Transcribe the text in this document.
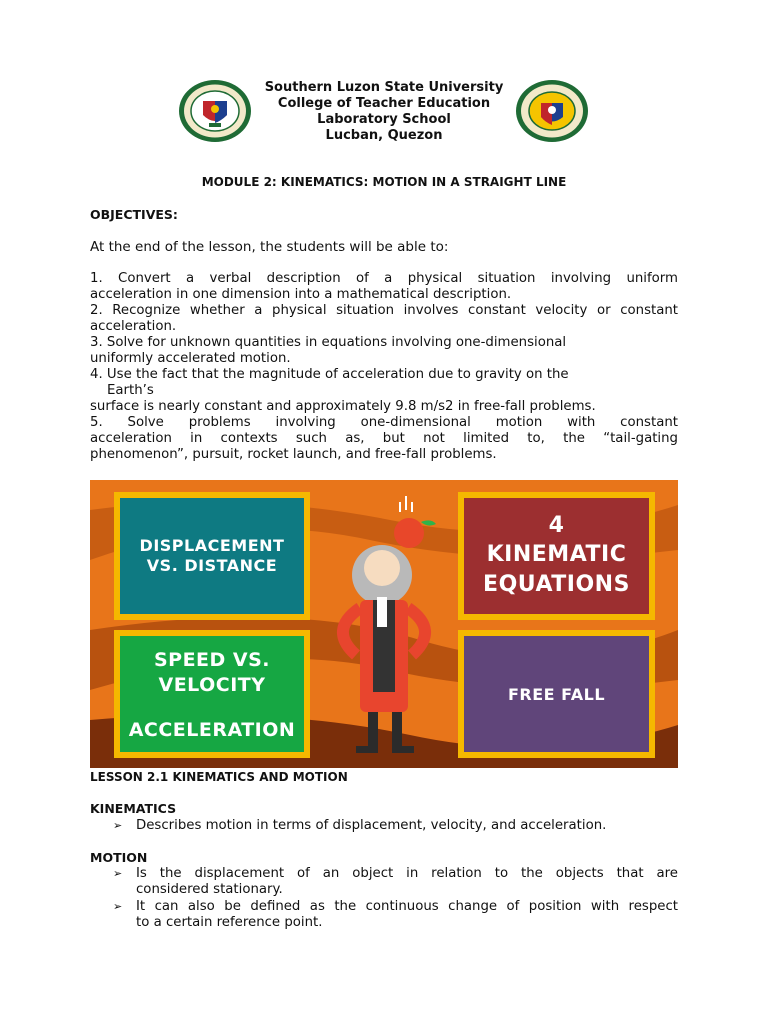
Southern Luzon State University
College of Teacher Education
Laboratory School
Lucban, Quezon
MODULE 2: KINEMATICS: MOTION IN A STRAIGHT LINE
OBJECTIVES:
At the end of the lesson, the students will be able to:
1. Convert a verbal description of a physical situation involving uniform
acceleration in one dimension into a mathematical description.
2. Recognize whether a physical situation involves constant velocity or constant
acceleration.
3. Solve for unknown quantities in equations involving one-dimensional
uniformly accelerated motion.
4. Use the fact that the magnitude of acceleration due to gravity on the
Earth’s
surface is nearly constant and approximately 9.8 m/s2 in free-fall problems.
5. Solve problems involving one-dimensional motion with constant
acceleration in contexts such as, but not limited to, the “tail-gating
phenomenon”, pursuit, rocket launch, and free-fall problems.
DISPLACEMENT
VS. DISTANCE
4
KINEMATIC
EQUATIONS
SPEED VS.
VELOCITY
ACCELERATION
FREE FALL
LESSON 2.1 KINEMATICS AND MOTION
KINEMATICS
➢ Describes motion in terms of displacement, velocity, and acceleration.
MOTION
➢ Is the displacement of an object in relation to the objects that are
considered stationary.
➢ It can also be defined as the continuous change of position with respect
to a certain reference point.
